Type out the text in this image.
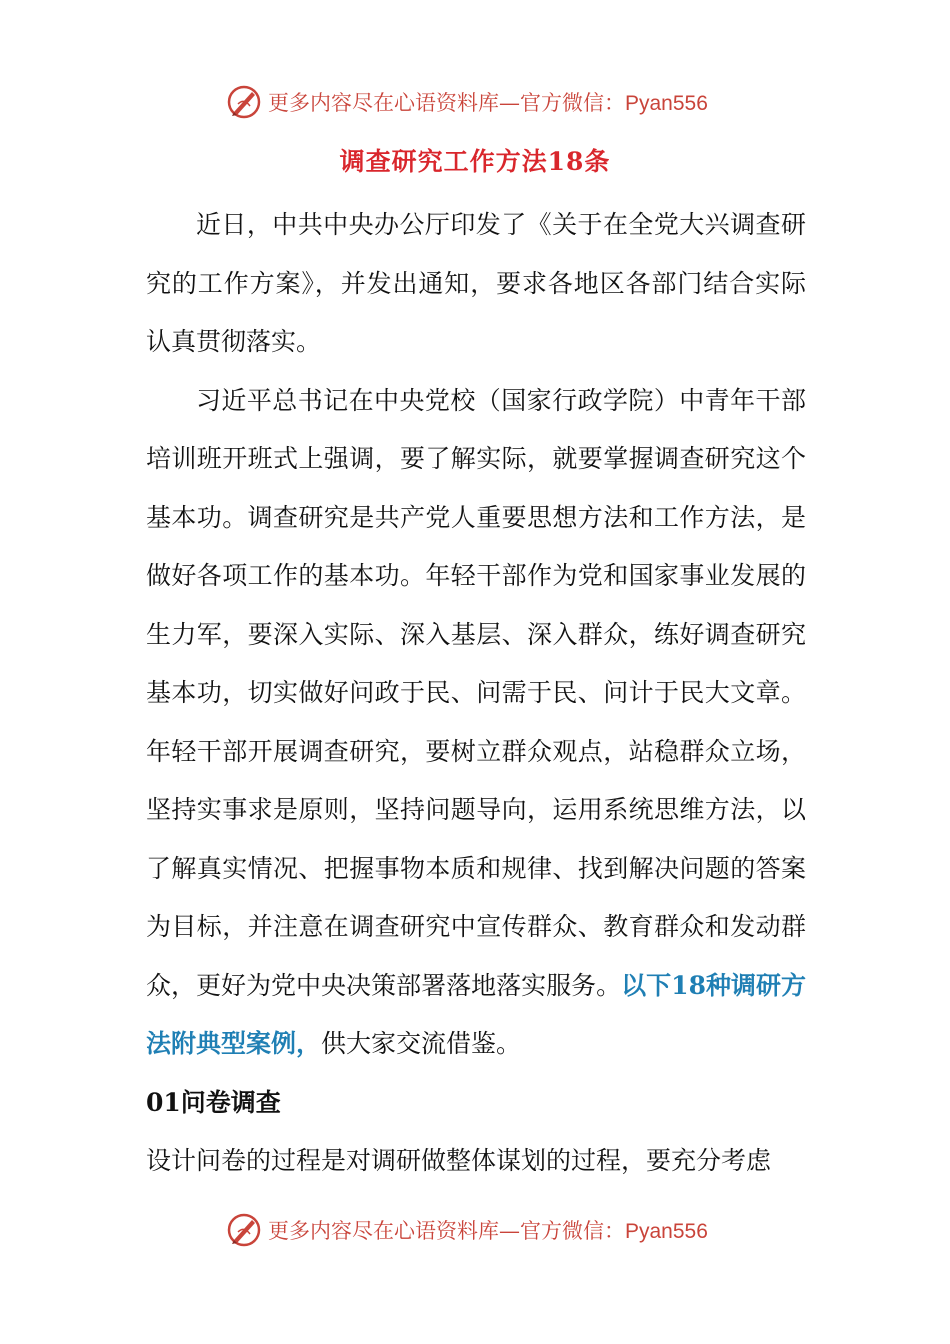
更多内容尽在心语资料库—官方微信：Pyan556
调查研究工作方法18条

近日，中共中央办公厅印发了《关于在全党大兴调查研究的工作方案》，并发出通知，要求各地区各部门结合实际认真贯彻落实。

习近平总书记在中央党校（国家行政学院）中青年干部培训班开班式上强调，要了解实际，就要掌握调查研究这个基本功。调查研究是共产党人重要思想方法和工作方法，是做好各项工作的基本功。年轻干部作为党和国家事业发展的生力军，要深入实际、深入基层、深入群众，练好调查研究基本功，切实做好问政于民、问需于民、问计于民大文章。年轻干部开展调查研究，要树立群众观点，站稳群众立场，坚持实事求是原则，坚持问题导向，运用系统思维方法，以了解真实情况、把握事物本质和规律、找到解决问题的答案为目标，并注意在调查研究中宣传群众、教育群众和发动群众，更好为党中央决策部署落地落实服务。以下18种调研方法附典型案例，供大家交流借鉴。

01问卷调查

设计问卷的过程是对调研做整体谋划的过程，要充分考虑

更多内容尽在心语资料库—官方微信：Pyan556
